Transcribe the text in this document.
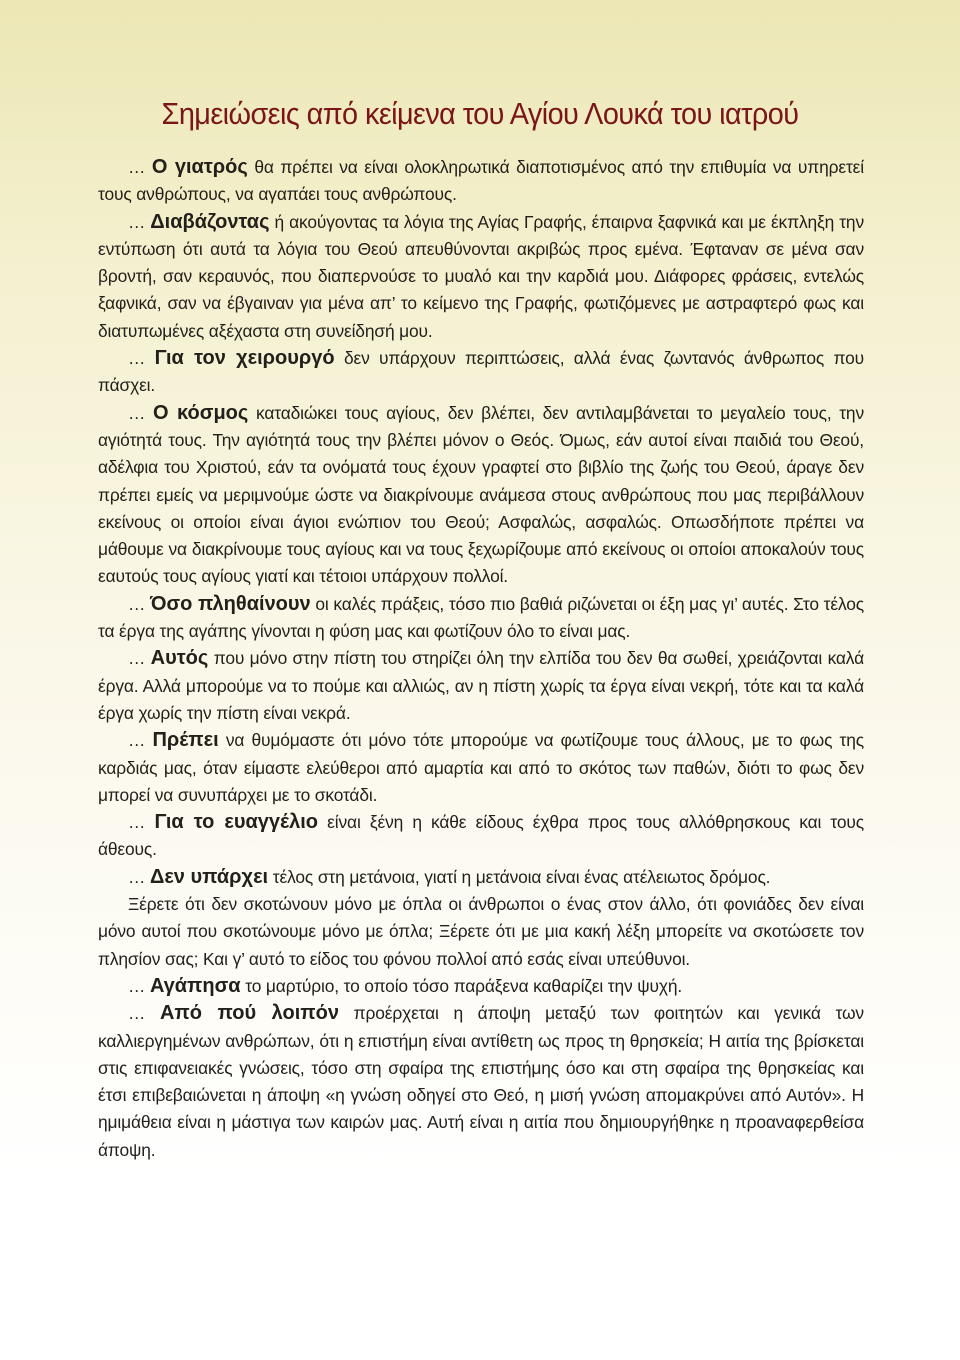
Σημειώσεις από κείμενα του Αγίου Λουκά του ιατρού

… Ο γιατρός θα πρέπει να είναι ολοκληρωτικά διαποτισμένος από την επιθυμία να υπηρετεί τους ανθρώπους, να αγαπάει τους ανθρώπους.

… Διαβάζοντας ή ακούγοντας τα λόγια της Αγίας Γραφής, έπαιρνα ξαφνικά και με έκπληξη την εντύπωση ότι αυτά τα λόγια του Θεού απευθύνονται ακριβώς προς εμένα. Έφταναν σε μένα σαν βροντή, σαν κεραυνός, που διαπερνούσε το μυαλό και την καρδιά μου. Διάφορες φράσεις, εντελώς ξαφνικά, σαν να έβγαιναν για μένα απ’ το κείμενο της Γραφής, φωτιζόμενες με αστραφτερό φως και διατυπωμένες αξέχαστα στη συνείδησή μου.

… Για τον χειρουργό δεν υπάρχουν περιπτώσεις, αλλά ένας ζωντανός άνθρωπος που πάσχει.

… Ο κόσμος καταδιώκει τους αγίους, δεν βλέπει, δεν αντιλαμβάνεται το μεγαλείο τους, την αγιότητά τους. Την αγιότητά τους την βλέπει μόνον ο Θεός. Όμως, εάν αυτοί είναι παιδιά του Θεού, αδέλφια του Χριστού, εάν τα ονόματά τους έχουν γραφτεί στο βιβλίο της ζωής του Θεού, άραγε δεν πρέπει εμείς να μεριμνούμε ώστε να διακρίνουμε ανάμεσα στους ανθρώπους που μας περιβάλλουν εκείνους οι οποίοι είναι άγιοι ενώπιον του Θεού; Ασφαλώς, ασφαλώς. Οπωσδήποτε πρέπει να μάθουμε να διακρίνουμε τους αγίους και να τους ξεχωρίζουμε από εκείνους οι οποίοι αποκαλούν τους εαυτούς τους αγίους γιατί και τέτοιοι υπάρχουν πολλοί.

… Όσο πληθαίνουν οι καλές πράξεις, τόσο πιο βαθιά ριζώνεται οι έξη μας γι’ αυτές. Στο τέλος τα έργα της αγάπης γίνονται η φύση μας και φωτίζουν όλο το είναι μας.

… Αυτός που μόνο στην πίστη του στηρίζει όλη την ελπίδα του δεν θα σωθεί, χρειάζονται καλά έργα. Αλλά μπορούμε να το πούμε και αλλιώς, αν η πίστη χωρίς τα έργα είναι νεκρή, τότε και τα καλά έργα χωρίς την πίστη είναι νεκρά.

… Πρέπει να θυμόμαστε ότι μόνο τότε μπορούμε να φωτίζουμε τους άλλους, με το φως της καρδιάς μας, όταν είμαστε ελεύθεροι από αμαρτία και από το σκότος των παθών, διότι το φως δεν μπορεί να συνυπάρχει με το σκοτάδι.

… Για το ευαγγέλιο είναι ξένη η κάθε είδους έχθρα προς τους αλλόθρησκους και τους άθεους.

… Δεν υπάρχει τέλος στη μετάνοια, γιατί η μετάνοια είναι ένας ατέλειωτος δρόμος.

Ξέρετε ότι δεν σκοτώνουν μόνο με όπλα οι άνθρωποι ο ένας στον άλλο, ότι φονιάδες δεν είναι μόνο αυτοί που σκοτώνουμε μόνο με όπλα; Ξέρετε ότι με μια κακή λέξη μπορείτε να σκοτώσετε τον πλησίον σας; Και γ’ αυτό το είδος του φόνου πολλοί από εσάς είναι υπεύθυνοι.

… Αγάπησα το μαρτύριο, το οποίο τόσο παράξενα καθαρίζει την ψυχή.

… Από πού λοιπόν προέρχεται η άποψη μεταξύ των φοιτητών και γενικά των καλλιεργημένων ανθρώπων, ότι η επιστήμη είναι αντίθετη ως προς τη θρησκεία; Η αιτία της βρίσκεται στις επιφανειακές γνώσεις, τόσο στη σφαίρα της επιστήμης όσο και στη σφαίρα της θρησκείας και έτσι επιβεβαιώνεται η άποψη «η γνώση οδηγεί στο Θεό, η μισή γνώση απομακρύνει από Αυτόν». Η ημιμάθεια είναι η μάστιγα των καιρών μας. Αυτή είναι η αιτία που δημιουργήθηκε η προαναφερθείσα άποψη.
